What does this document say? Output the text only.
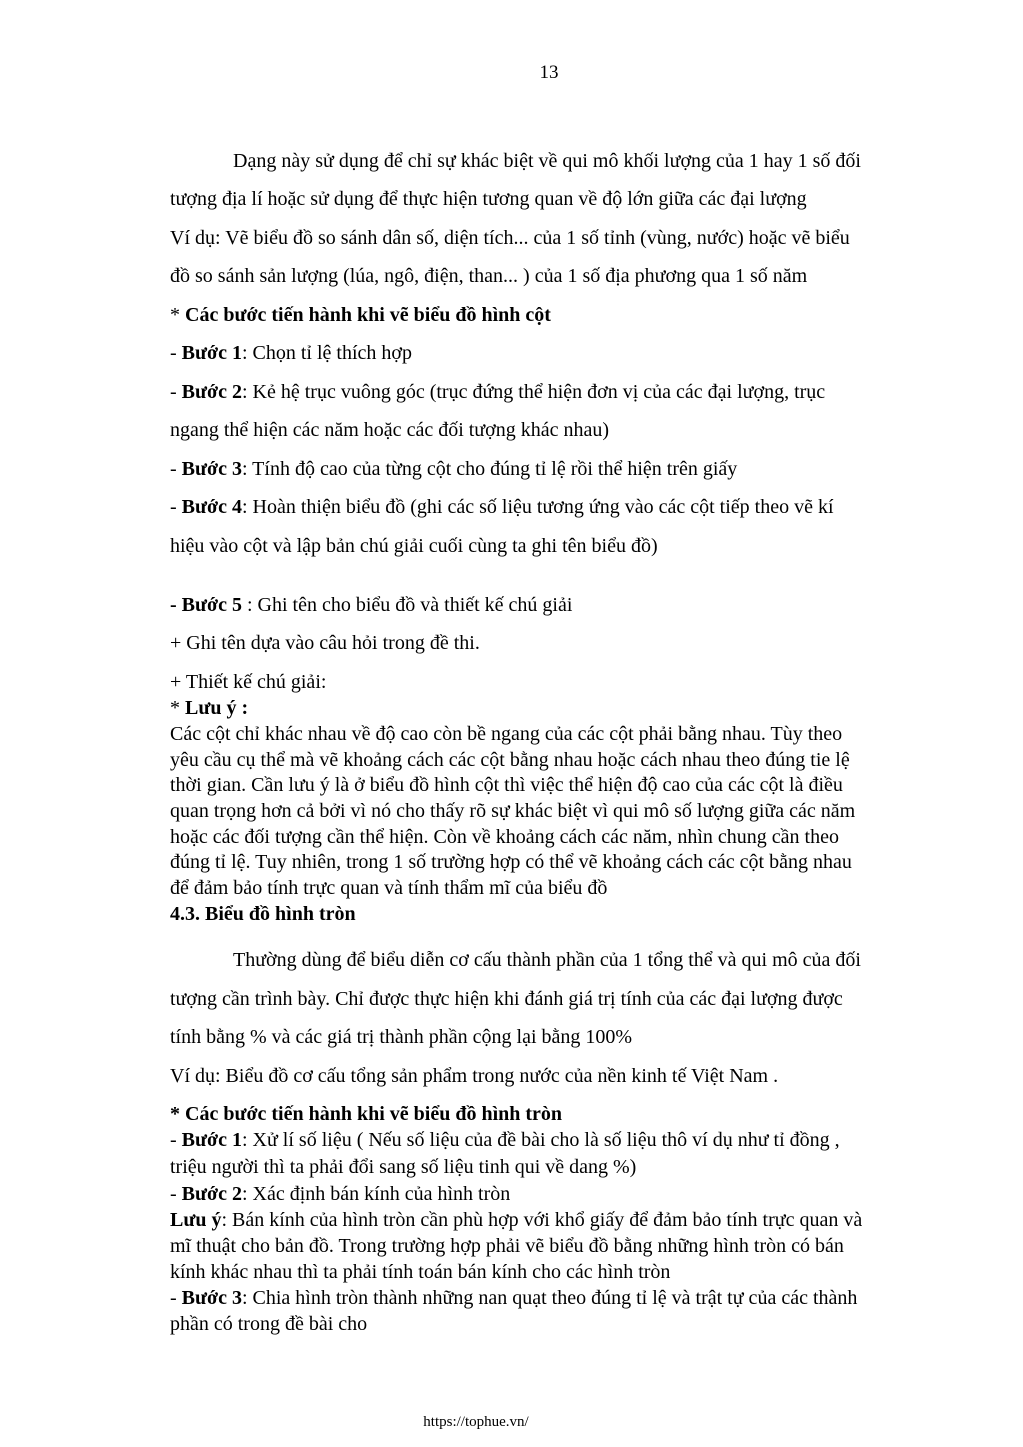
13
Dạng này sử dụng để chỉ sự khác biệt về qui mô khối lượng của 1 hay 1 số đối
tượng địa lí hoặc sử dụng để thực hiện tương quan về độ lớn giữa các đại lượng
Ví dụ: Vẽ biểu đồ so sánh dân số, diện tích... của 1 số tỉnh (vùng, nước) hoặc vẽ biểu
đồ so sánh sản lượng (lúa, ngô, điện, than... ) của 1 số địa phương qua 1 số năm
* Các bước tiến hành khi vẽ biểu đồ hình cột
- Bước 1: Chọn tỉ lệ thích hợp
- Bước 2: Kẻ hệ trục vuông góc (trục đứng thể hiện đơn vị của các đại lượng, trục
ngang thể hiện các năm hoặc các đối tượng khác nhau)
- Bước 3: Tính độ cao của từng cột cho đúng tỉ lệ rồi thể hiện trên giấy
- Bước 4: Hoàn thiện biểu đồ (ghi các số liệu tương ứng vào các cột tiếp theo vẽ kí
hiệu vào cột và lập bản chú giải cuối cùng ta ghi tên biểu đồ)
- Bước 5 : Ghi tên cho biểu đồ và thiết kế chú giải
+ Ghi tên dựa vào câu hỏi trong đề thi.
+ Thiết kế chú giải:
* Lưu ý :
Các cột chỉ khác nhau về độ cao còn bề ngang của các cột phải bằng nhau. Tùy theo
yêu cầu cụ thể mà vẽ khoảng cách các cột bằng nhau hoặc cách nhau theo đúng tie lệ
thời gian. Cần lưu ý là ở biểu đồ hình cột thì việc thể hiện độ cao của các cột là điều
quan trọng hơn cả bởi vì nó cho thấy rõ sự khác biệt vì qui mô số lượng giữa các năm
hoặc các đối tượng cần thể hiện. Còn về khoảng cách các năm, nhìn chung cần theo
đúng tỉ lệ. Tuy nhiên, trong 1 số trường hợp có thể vẽ khoảng cách các cột bằng nhau
để đảm bảo tính trực quan và tính thẩm mĩ của biểu đồ
4.3. Biểu đồ hình tròn
Thường dùng để biểu diễn cơ cấu thành phần của 1 tổng thể và qui mô của đối
tượng cần trình bày. Chỉ được thực hiện khi đánh giá trị tính của các đại lượng được
tính bằng % và các giá trị thành phần cộng lại bằng 100%
Ví dụ: Biểu đồ cơ cấu tổng sản phẩm trong nước của nền kinh tế Việt Nam .
* Các bước tiến hành khi vẽ biểu đồ hình tròn
- Bước 1: Xử lí số liệu ( Nếu số liệu của đề bài cho là số liệu thô ví dụ như tỉ đồng ,
triệu người thì ta phải đổi sang số liệu tinh qui về dang %)
- Bước 2: Xác định bán kính của hình tròn
Lưu ý: Bán kính của hình tròn cần phù hợp với khổ giấy để đảm bảo tính trực quan và
mĩ thuật cho bản đồ. Trong trường hợp phải vẽ biểu đồ bằng những hình tròn có bán
kính khác nhau thì ta phải tính toán bán kính cho các hình tròn
- Bước 3: Chia hình tròn thành những nan quạt theo đúng tỉ lệ và trật tự của các thành
phần có trong đề bài cho
https://tophue.vn/
